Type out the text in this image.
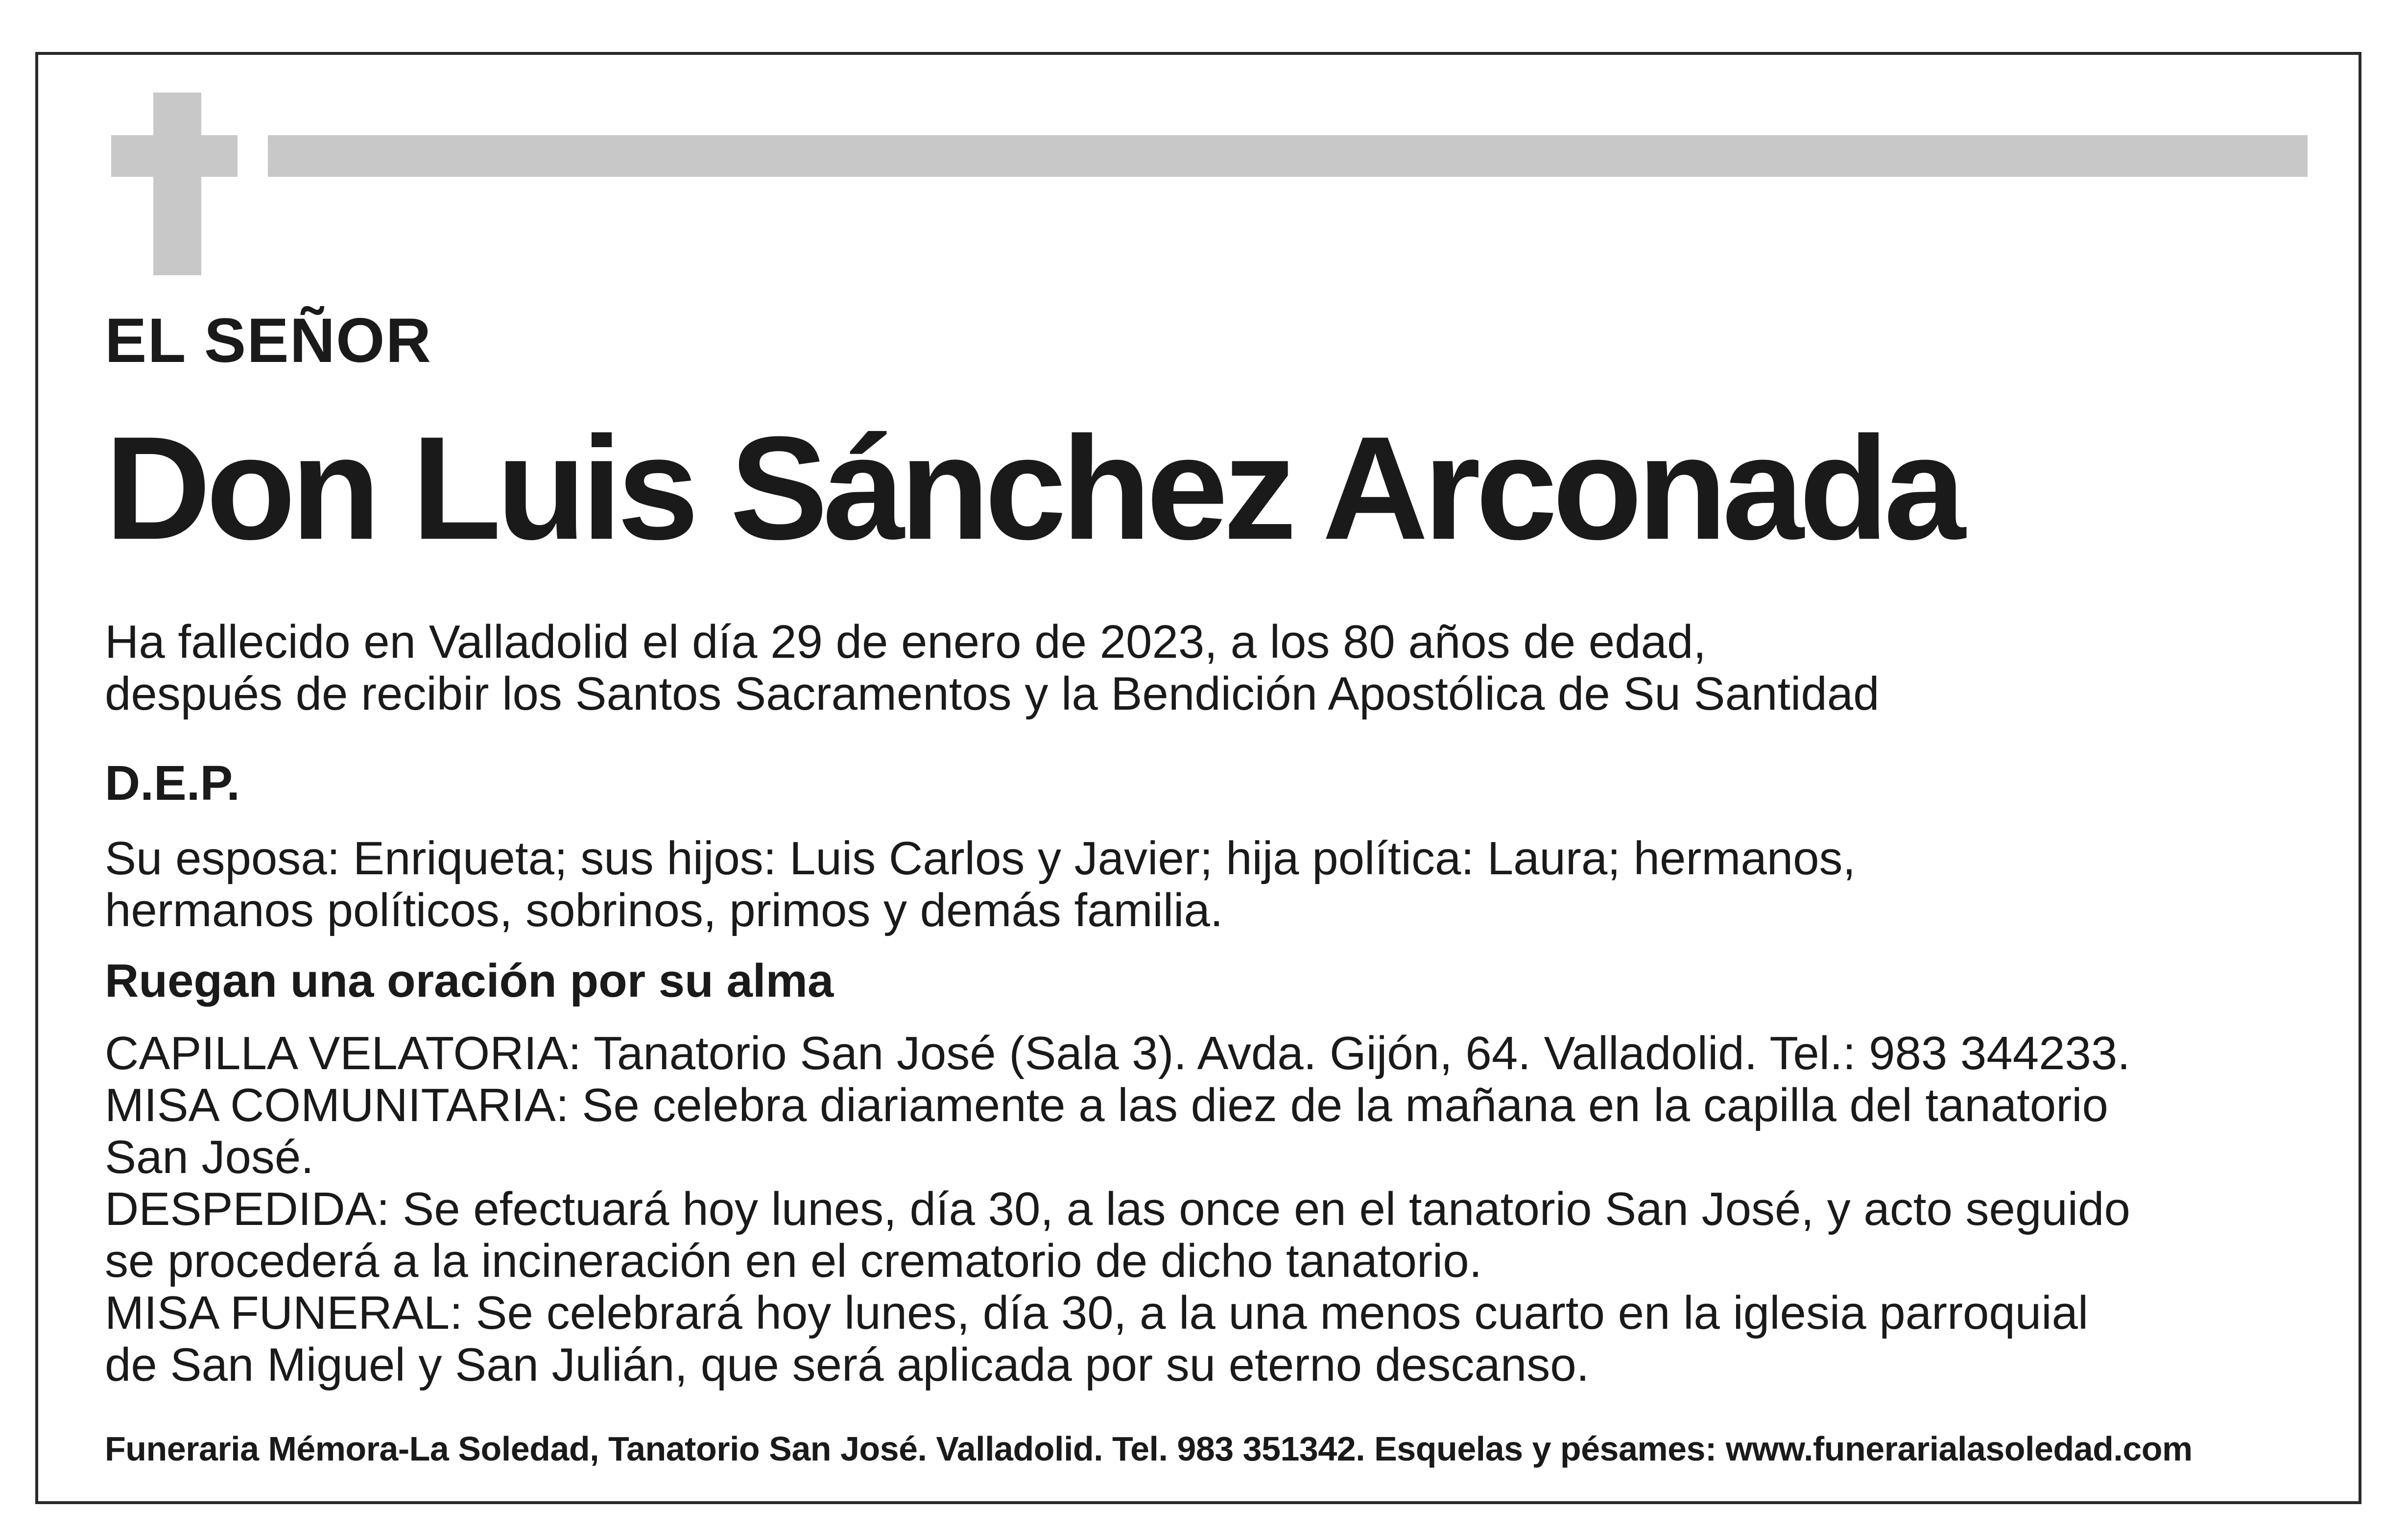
EL SEÑOR

Don Luis Sánchez Arconada
Ha fallecido en Valladolid el día 29 de enero de 2023, a los 80 años de edad,
después de recibir los Santos Sacramentos y la Bendición Apostólica de Su Santidad

D.E.P.

Su esposa: Enriqueta; sus hijos: Luis Carlos y Javier; hija política: Laura; hermanos,
hermanos políticos, sobrinos, primos y demás familia.

Ruegan una oración por su alma

CAPILLA VELATORIA: Tanatorio San José (Sala 3). Avda. Gijón, 64. Valladolid. Tel.: 983 344233.
MISA COMUNITARIA: Se celebra diariamente a las diez de la mañana en la capilla del tanatorio
San José.
DESPEDIDA: Se efectuará hoy lunes, día 30, a las once en el tanatorio San José, y acto seguido
se procederá a la incineración en el crematorio de dicho tanatorio.
MISA FUNERAL: Se celebrará hoy lunes, día 30, a la una menos cuarto en la iglesia parroquial
de San Miguel y San Julián, que será aplicada por su eterno descanso.

Funeraria Mémora-La Soledad, Tanatorio San José. Valladolid. Tel. 983 351342. Esquelas y pésames: www.funerarialasoledad.com
